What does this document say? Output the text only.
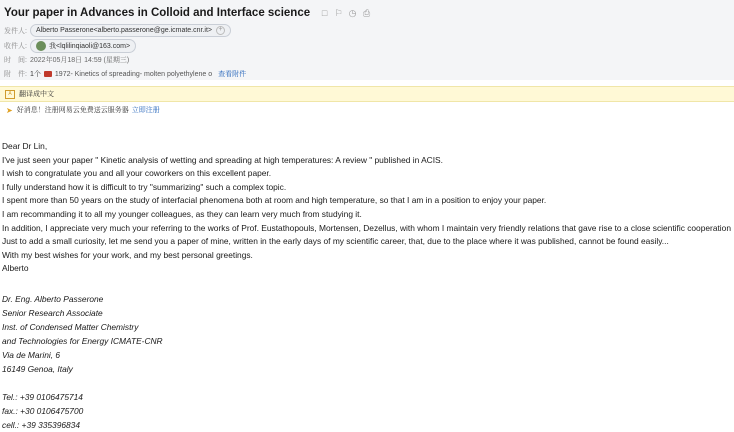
Your paper in Advances in Colloid and Interface science □ ⚐ ◷ ⎙
发件人:	Alberto Passerone<alberto.passerone@ge.icmate.cnr.it> +
收件人:	我<lqlilinqiaoli@163.com>
时　间: 2022年05月18日 14:59 (星期三)
附　件: 1个 1972- Kinetics of spreading- molten polyethylene o 查看附件
A	翻译成中文
➤ 好消息！注册网易云免费送云服务器 立即注册
Dear Dr Lin,
I've just seen your paper " Kinetic analysis of wetting and spreading at high temperatures: A review " published in ACIS.
I wish to congratulate you and all your coworkers on this excellent paper.
I fully understand how it is difficult to try "summarizing" such a complex topic.
I spent more than 50 years on the study of interfacial phenomena both at room and high temperature, so that I am in a position to enjoy your paper.
I am recommanding it to all my younger colleagues, as they can learn very much from studying it.
In addition, I appreciate very much your referring to the works of Prof. Eustathopouls, Mortensen, Dezellus, with whom I maintain very friendly relations that gave rise to a close scientific cooperation
Just to add a small curiosity, let me send you a paper of mine, written in the early days of my scientific career, that, due to the place where it was published, cannot be found easily...
With my best wishes for your work, and my best personal greetings.
Alberto
Dr. Eng. Alberto Passerone
Senior Research Associate
Inst. of Condensed Matter Chemistry
and Technologies for Energy ICMATE-CNR
Via de Marini, 6
16149 Genoa, Italy
Tel.: +39 0106475714
fax.: +30 0106475700
cell.: +39 335396834
